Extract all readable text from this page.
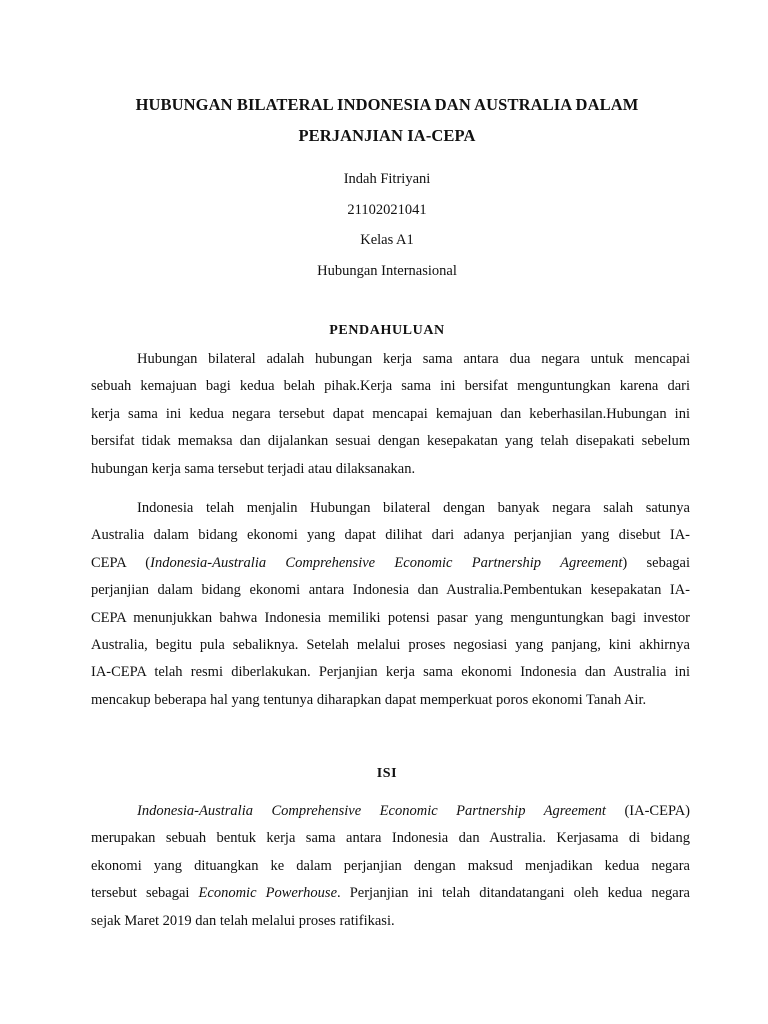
HUBUNGAN BILATERAL INDONESIA DAN AUSTRALIA DALAM
PERJANJIAN IA-CEPA
Indah Fitriyani
21102021041
Kelas A1
Hubungan Internasional
PENDAHULUAN
Hubungan bilateral adalah hubungan kerja sama antara dua negara untuk mencapai
sebuah kemajuan bagi kedua belah pihak.Kerja sama ini bersifat menguntungkan karena dari
kerja sama ini kedua negara tersebut dapat mencapai kemajuan dan keberhasilan.Hubungan ini
bersifat tidak memaksa dan dijalankan sesuai dengan kesepakatan yang telah disepakati sebelum
hubungan kerja sama tersebut terjadi atau dilaksanakan.
Indonesia telah menjalin Hubungan bilateral dengan banyak negara salah satunya
Australia dalam bidang ekonomi yang dapat dilihat dari adanya perjanjian yang disebut IA-
CEPA (Indonesia-Australia Comprehensive Economic Partnership Agreement) sebagai
perjanjian dalam bidang ekonomi antara Indonesia dan Australia.Pembentukan kesepakatan IA-
CEPA menunjukkan bahwa Indonesia memiliki potensi pasar yang menguntungkan bagi investor
Australia, begitu pula sebaliknya. Setelah melalui proses negosiasi yang panjang, kini akhirnya
IA-CEPA telah resmi diberlakukan. Perjanjian kerja sama ekonomi Indonesia dan Australia ini
mencakup beberapa hal yang tentunya diharapkan dapat memperkuat poros ekonomi Tanah Air.
ISI
Indonesia-Australia Comprehensive Economic Partnership Agreement (IA-CEPA)
merupakan sebuah bentuk kerja sama antara Indonesia dan Australia. Kerjasama di bidang
ekonomi yang dituangkan ke dalam perjanjian dengan maksud menjadikan kedua negara
tersebut sebagai Economic Powerhouse. Perjanjian ini telah ditandatangani oleh kedua negara
sejak Maret 2019 dan telah melalui proses ratifikasi.
